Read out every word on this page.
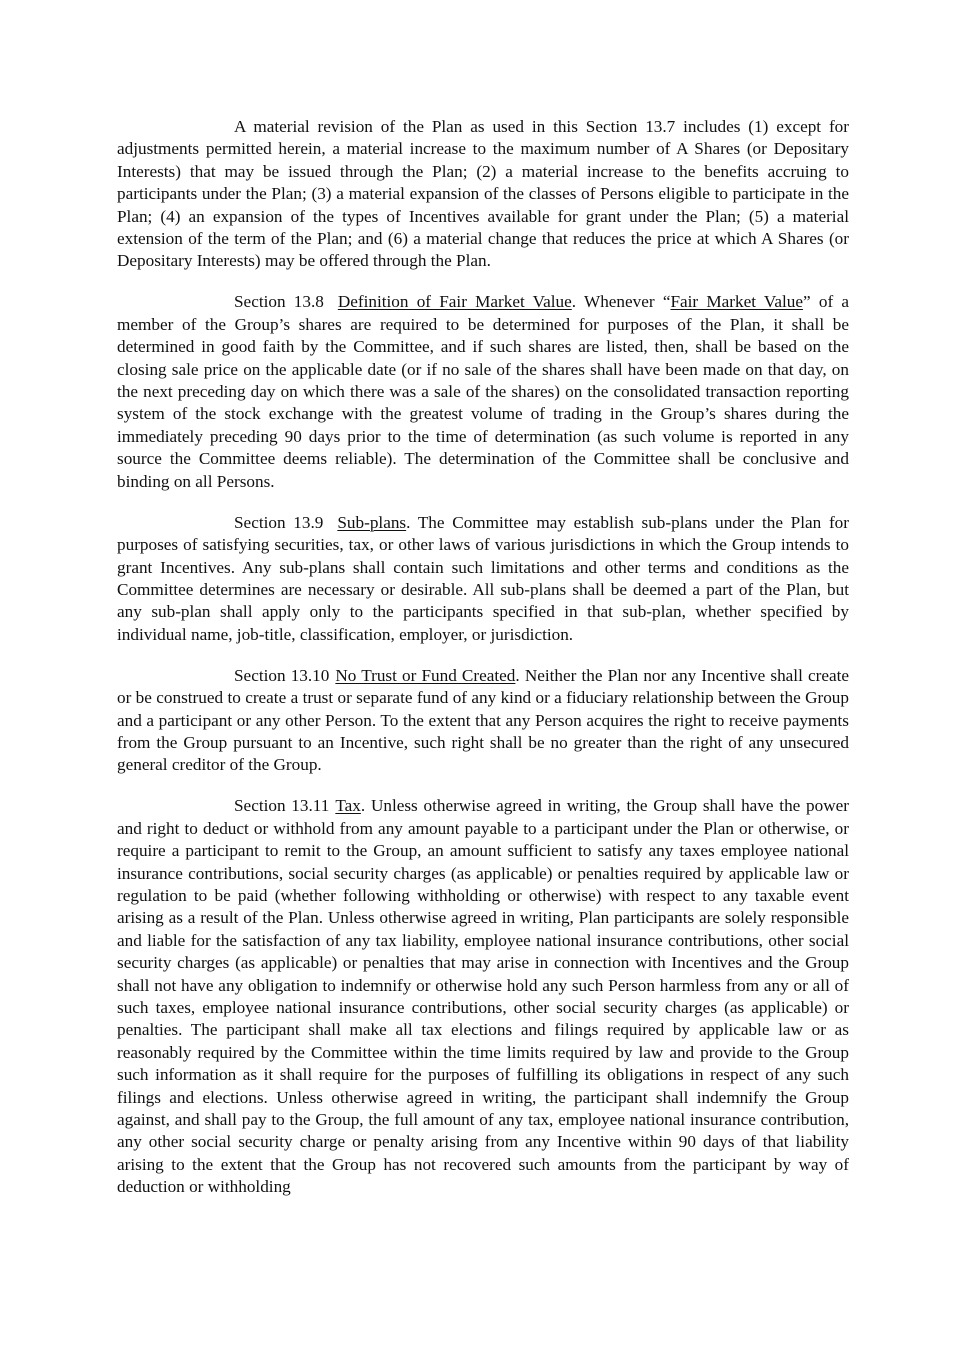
A material revision of the Plan as used in this Section 13.7 includes (1) except for adjustments permitted herein, a material increase to the maximum number of A Shares (or Depositary Interests) that may be issued through the Plan; (2) a material increase to the benefits accruing to participants under the Plan; (3) a material expansion of the classes of Persons eligible to participate in the Plan; (4) an expansion of the types of Incentives available for grant under the Plan; (5) a material extension of the term of the Plan; and (6) a material change that reduces the price at which A Shares (or Depositary Interests) may be offered through the Plan.

Section 13.8 Definition of Fair Market Value. Whenever “Fair Market Value” of a member of the Group’s shares are required to be determined for purposes of the Plan, it shall be determined in good faith by the Committee, and if such shares are listed, then, shall be based on the closing sale price on the applicable date (or if no sale of the shares shall have been made on that day, on the next preceding day on which there was a sale of the shares) on the consolidated transaction reporting system of the stock exchange with the greatest volume of trading in the Group’s shares during the immediately preceding 90 days prior to the time of determination (as such volume is reported in any source the Committee deems reliable). The determination of the Committee shall be conclusive and binding on all Persons.

Section 13.9 Sub-plans. The Committee may establish sub-plans under the Plan for purposes of satisfying securities, tax, or other laws of various jurisdictions in which the Group intends to grant Incentives. Any sub-plans shall contain such limitations and other terms and conditions as the Committee determines are necessary or desirable. All sub-plans shall be deemed a part of the Plan, but any sub-plan shall apply only to the participants specified in that sub-plan, whether specified by individual name, job-title, classification, employer, or jurisdiction.

Section 13.10 No Trust or Fund Created. Neither the Plan nor any Incentive shall create or be construed to create a trust or separate fund of any kind or a fiduciary relationship between the Group and a participant or any other Person. To the extent that any Person acquires the right to receive payments from the Group pursuant to an Incentive, such right shall be no greater than the right of any unsecured general creditor of the Group.

Section 13.11 Tax. Unless otherwise agreed in writing, the Group shall have the power and right to deduct or withhold from any amount payable to a participant under the Plan or otherwise, or require a participant to remit to the Group, an amount sufficient to satisfy any taxes employee national insurance contributions, social security charges (as applicable) or penalties required by applicable law or regulation to be paid (whether following withholding or otherwise) with respect to any taxable event arising as a result of the Plan. Unless otherwise agreed in writing, Plan participants are solely responsible and liable for the satisfaction of any tax liability, employee national insurance contributions, other social security charges (as applicable) or penalties that may arise in connection with Incentives and the Group shall not have any obligation to indemnify or otherwise hold any such Person harmless from any or all of such taxes, employee national insurance contributions, other social security charges (as applicable) or penalties. The participant shall make all tax elections and filings required by applicable law or as reasonably required by the Committee within the time limits required by law and provide to the Group such information as it shall require for the purposes of fulfilling its obligations in respect of any such filings and elections. Unless otherwise agreed in writing, the participant shall indemnify the Group against, and shall pay to the Group, the full amount of any tax, employee national insurance contribution, any other social security charge or penalty arising from any Incentive within 90 days of that liability arising to the extent that the Group has not recovered such amounts from the participant by way of deduction or withholding
